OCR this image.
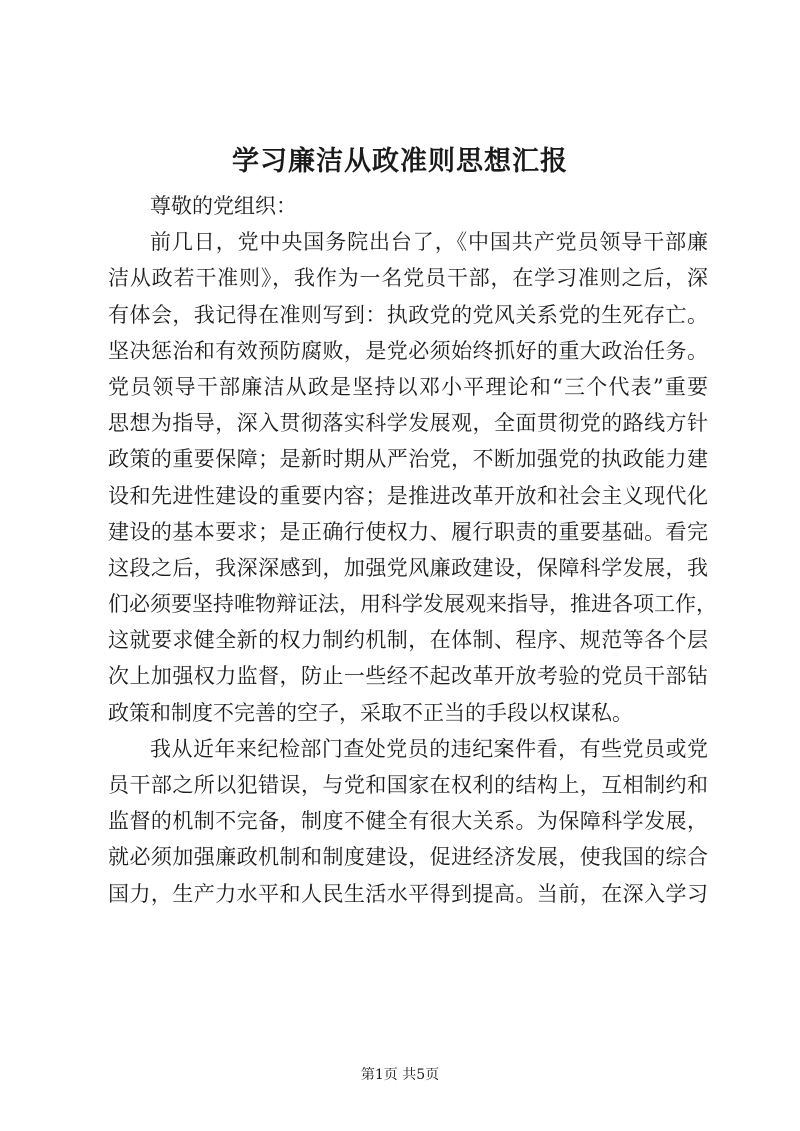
学习廉洁从政准则思想汇报
尊敬的党组织：
前几日，党中央国务院出台了，《中国共产党员领导干部廉
洁从政若干准则》，我作为一名党员干部，在学习准则之后，深
有体会，我记得在准则写到：执政党的党风关系党的生死存亡。
坚决惩治和有效预防腐败，是党必须始终抓好的重大政治任务。
党员领导干部廉洁从政是坚持以邓小平理论和“三个代表”重要
思想为指导，深入贯彻落实科学发展观，全面贯彻党的路线方针
政策的重要保障；是新时期从严治党，不断加强党的执政能力建
设和先进性建设的重要内容；是推进改革开放和社会主义现代化
建设的基本要求；是正确行使权力、履行职责的重要基础。看完
这段之后，我深深感到，加强党风廉政建设，保障科学发展，我
们必须要坚持唯物辩证法，用科学发展观来指导，推进各项工作，
这就要求健全新的权力制约机制，在体制、程序、规范等各个层
次上加强权力监督，防止一些经不起改革开放考验的党员干部钻
政策和制度不完善的空子，采取不正当的手段以权谋私。
我从近年来纪检部门查处党员的违纪案件看，有些党员或党
员干部之所以犯错误，与党和国家在权利的结构上，互相制约和
监督的机制不完备，制度不健全有很大关系。为保障科学发展，
就必须加强廉政机制和制度建设，促进经济发展，使我国的综合
国力，生产力水平和人民生活水平得到提高。当前，在深入学习
第1页 共5页
